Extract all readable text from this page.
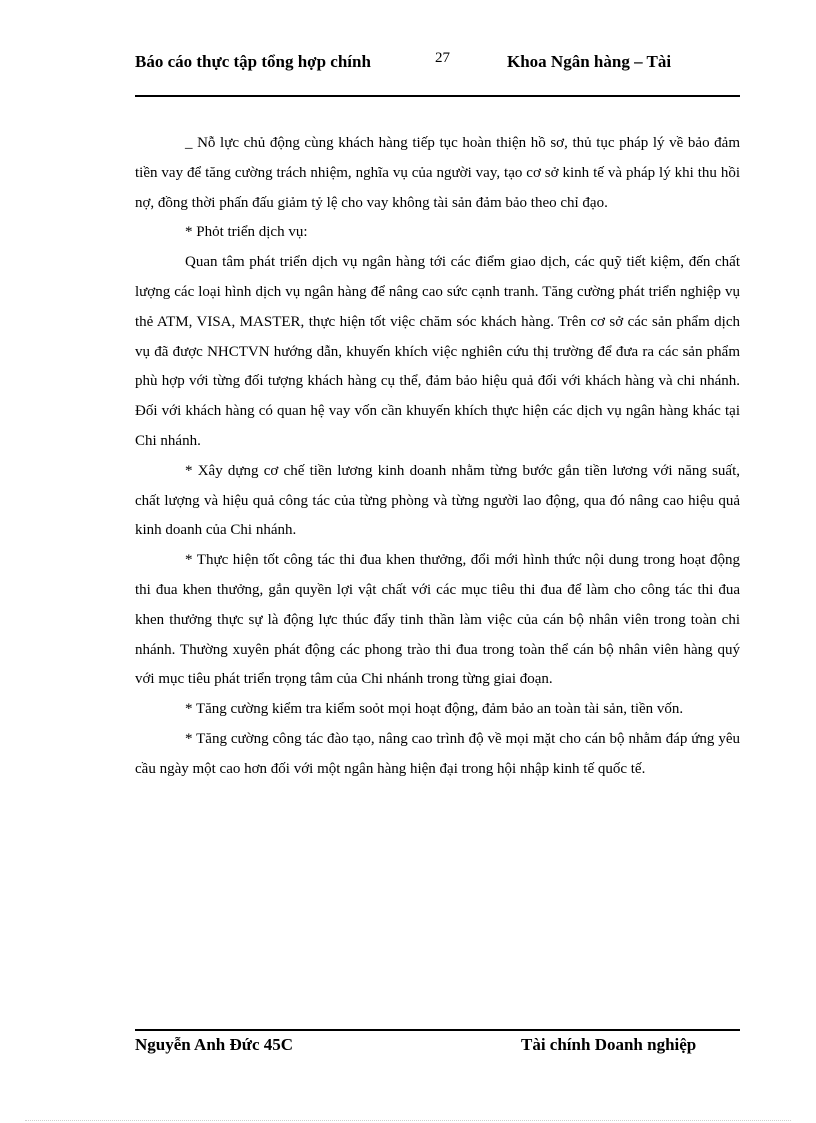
Báo cáo thực tập tổng hợp chính	27	Khoa Ngân hàng – Tài

_ Nỗ lực chủ động cùng khách hàng tiếp tục hoàn thiện hồ sơ, thủ tục pháp lý về bảo đảm tiền vay để tăng cường trách nhiệm, nghĩa vụ của người vay, tạo cơ sở kinh tế và pháp lý khi thu hồi nợ, đồng thời phấn đấu giảm tỷ lệ cho vay không tài sản đảm bảo theo chỉ đạo.

* Phỏt triển dịch vụ:

Quan tâm phát triển dịch vụ ngân hàng tới các điểm giao dịch, các quỹ tiết kiệm, đến chất lượng các loại hình dịch vụ ngân hàng để nâng cao sức cạnh tranh. Tăng cường phát triển nghiệp vụ thẻ ATM, VISA, MASTER, thực hiện tốt việc chăm sóc khách hàng. Trên cơ sở các sản phẩm dịch vụ đã được NHCTVN hướng dẫn, khuyến khích việc nghiên cứu thị trường để đưa ra các sản phẩm phù hợp với từng đối tượng khách hàng cụ thể, đảm bảo hiệu quả đối với khách hàng và chi nhánh. Đối với khách hàng có quan hệ vay vốn cần khuyến khích thực hiện các dịch vụ ngân hàng khác tại Chi nhánh.

* Xây dựng cơ chế tiền lương kinh doanh nhằm từng bước gắn tiền lương với năng suất, chất lượng và hiệu quả công tác của từng phòng và từng người lao động, qua đó nâng cao hiệu quả kinh doanh của Chi nhánh.

* Thực hiện tốt công tác thi đua khen thưởng, đổi mới hình thức nội dung trong hoạt động thi đua khen thưởng, gắn quyền lợi vật chất với các mục tiêu thi đua để làm cho công tác thi đua khen thưởng thực sự là động lực thúc đẩy tinh thần làm việc của cán bộ nhân viên trong toàn chi nhánh. Thường xuyên phát động các phong trào thi đua trong toàn thể cán bộ nhân viên hàng quý với mục tiêu phát triển trọng tâm của Chi nhánh trong từng giai đoạn.

* Tăng cường kiểm tra kiểm soỏt mọi hoạt động, đảm bảo an toàn tài sản, tiền vốn.

* Tăng cường công tác đào tạo, nâng cao trình độ về mọi mặt cho cán bộ nhằm đáp ứng yêu cầu ngày một cao hơn đối với một ngân hàng hiện đại trong hội nhập kinh tế quốc tế.

Nguyễn Anh Đức 45C	Tài chính Doanh nghiệp
